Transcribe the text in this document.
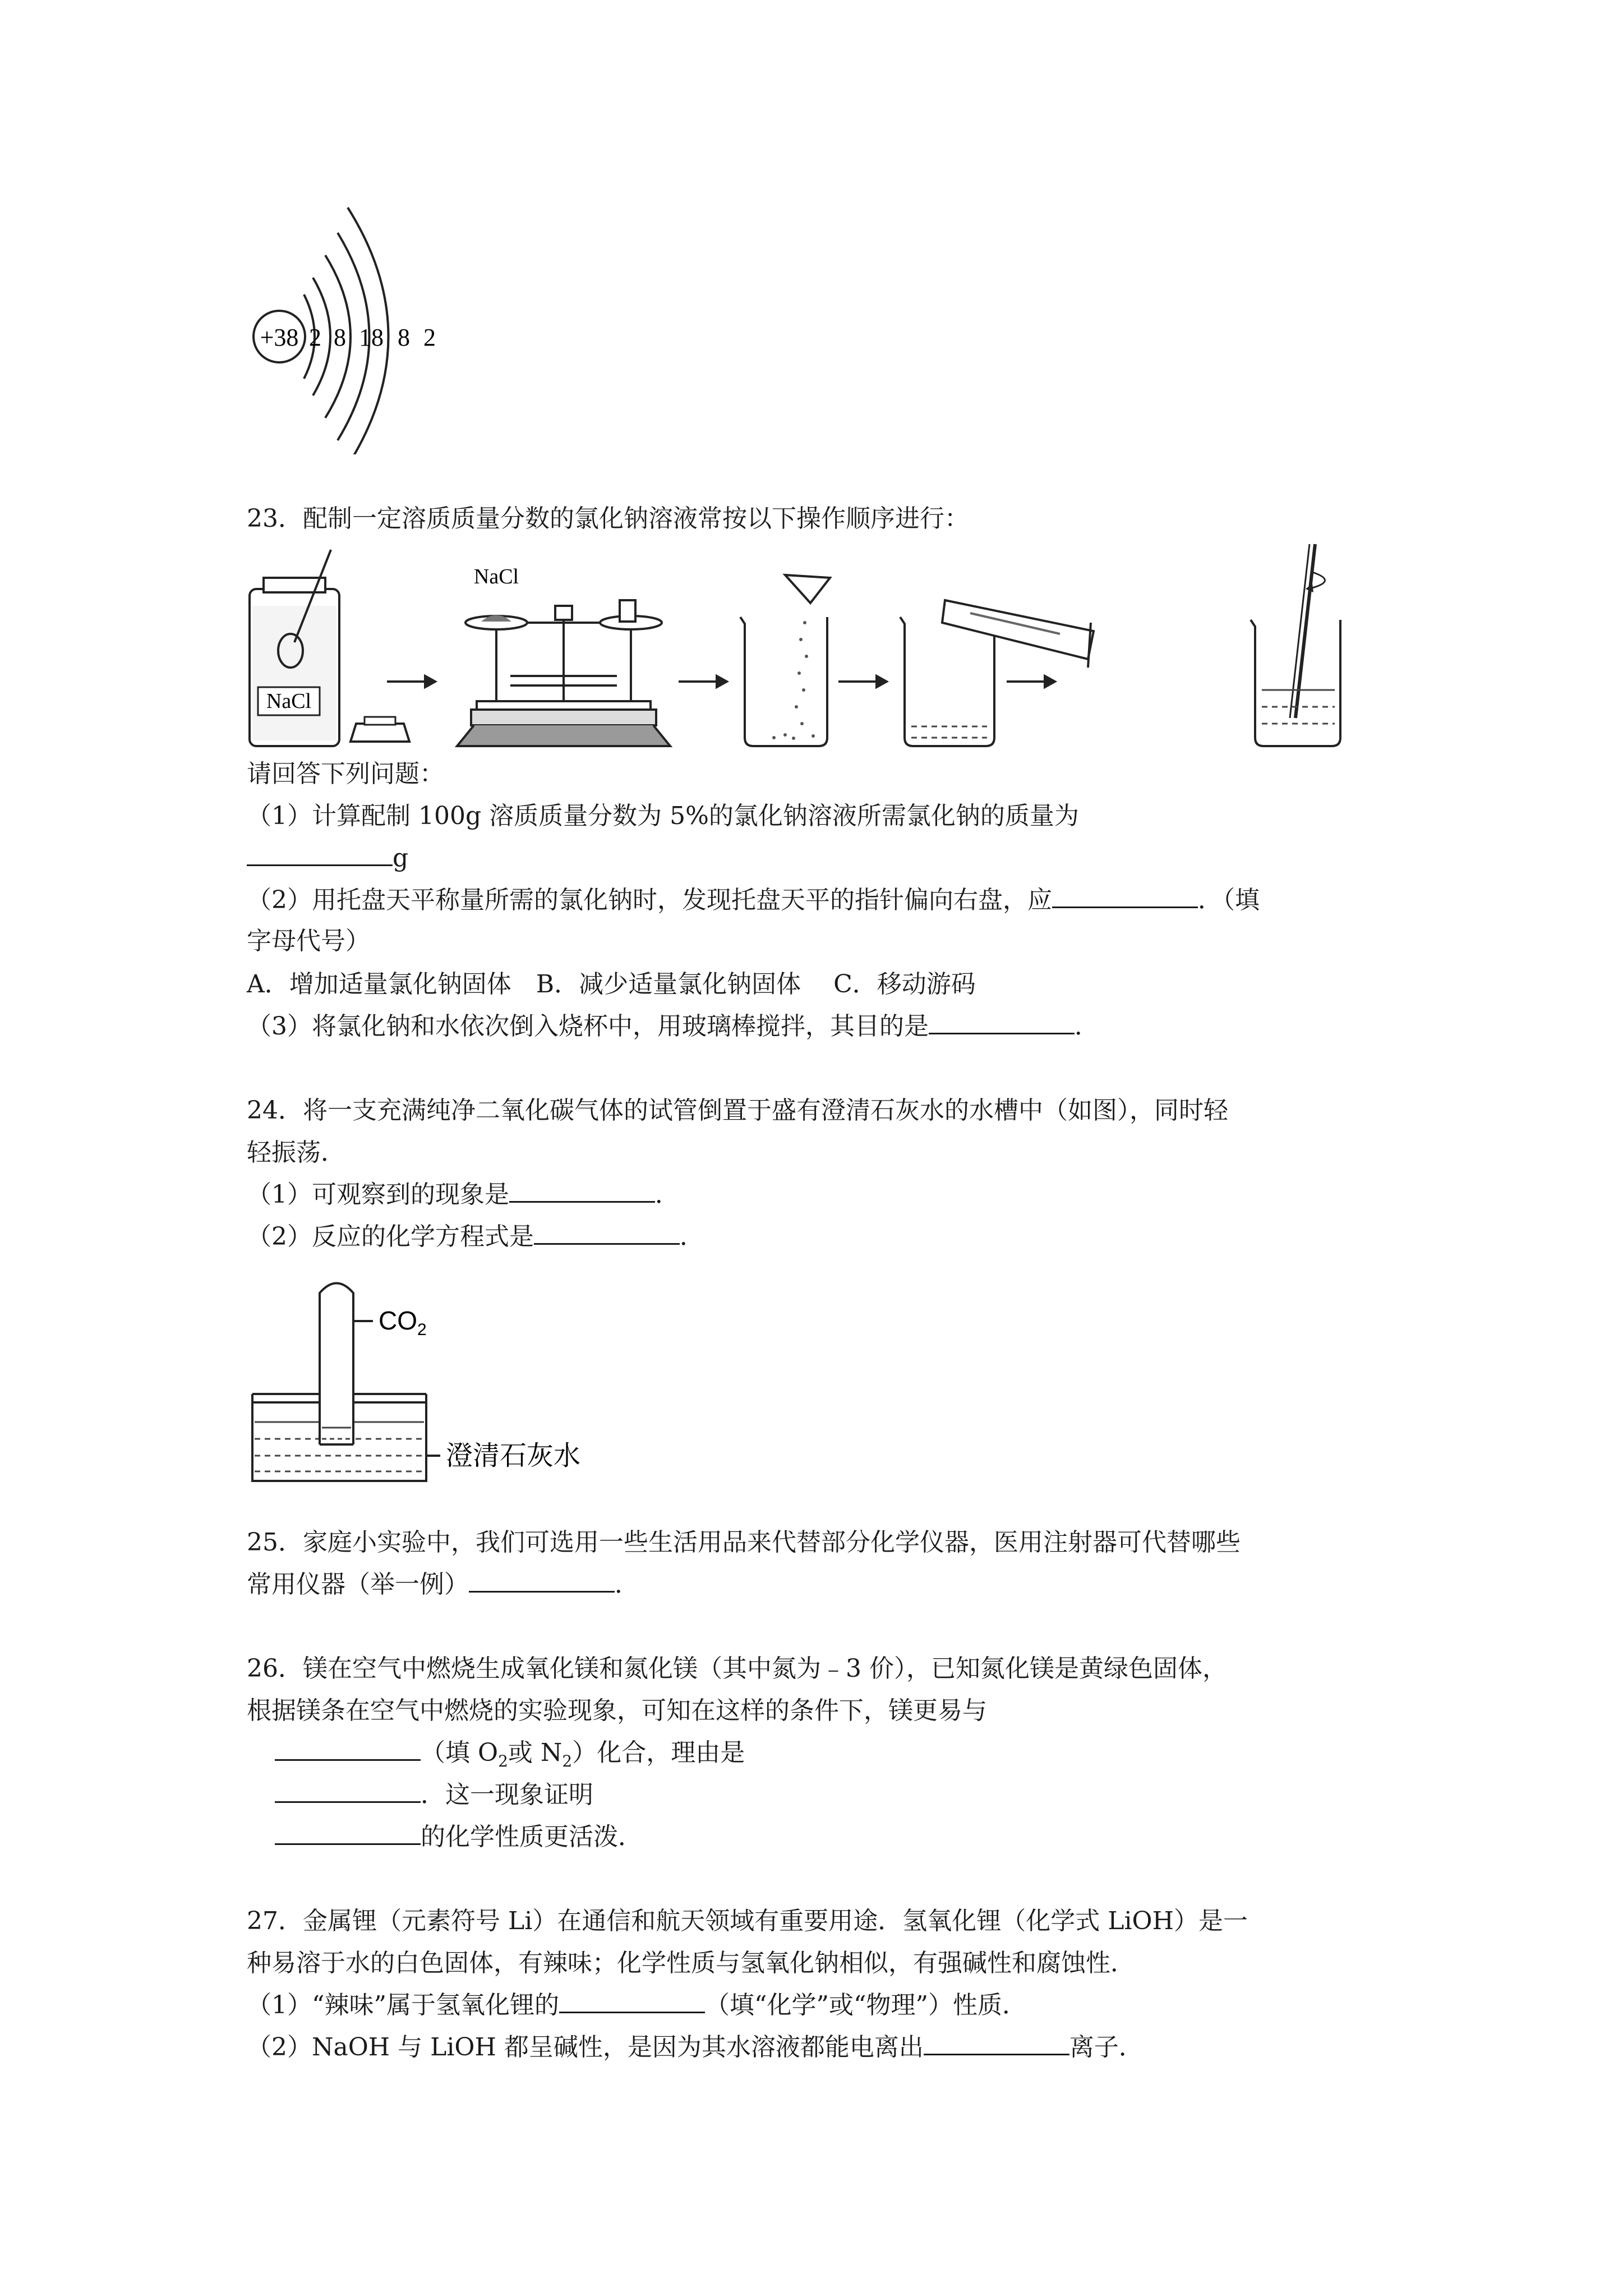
+38 2 8 18 8 2
23．配制一定溶质质量分数的氯化钠溶液常按以下操作顺序进行：
NaCl
NaCl
请回答下列问题：
（1）计算配制 100g 溶质质量分数为 5%的氯化钠溶液所需氯化钠的质量为
g
（2）用托盘天平称量所需的氯化钠时，发现托盘天平的指针偏向右盘，应	．（填
字母代号）
A．增加适量氯化钠固体　B．减少适量氯化钠固体　 C．移动游码
（3）将氯化钠和水依次倒入烧杯中，用玻璃棒搅拌，其目的是	．
24．将一支充满纯净二氧化碳气体的试管倒置于盛有澄清石灰水的水槽中（如图），同时轻
轻振荡．
（1）可观察到的现象是	．
（2）反应的化学方程式是	．
$CO_2$
澄清石灰水
25．家庭小实验中，我们可选用一些生活用品来代替部分化学仪器，医用注射器可代替哪些
常用仪器（举一例）	．
26．镁在空气中燃烧生成氧化镁和氮化镁（其中氮为﹣3 价），已知氮化镁是黄绿色固体，
根据镁条在空气中燃烧的实验现象，可知在这样的条件下，镁更易与
（填 $O_2$或 $N_2$）化合，理由是
．这一现象证明
的化学性质更活泼．
27．金属锂（元素符号 Li）在通信和航天领域有重要用途．氢氧化锂（化学式 LiOH）是一
种易溶于水的白色固体，有辣味；化学性质与氢氧化钠相似，有强碱性和腐蚀性．
（1）“辣味”属于氢氧化锂的	（填“化学”或“物理”）性质．
（2）NaOH 与 LiOH 都呈碱性，是因为其水溶液都能电离出	离子．
